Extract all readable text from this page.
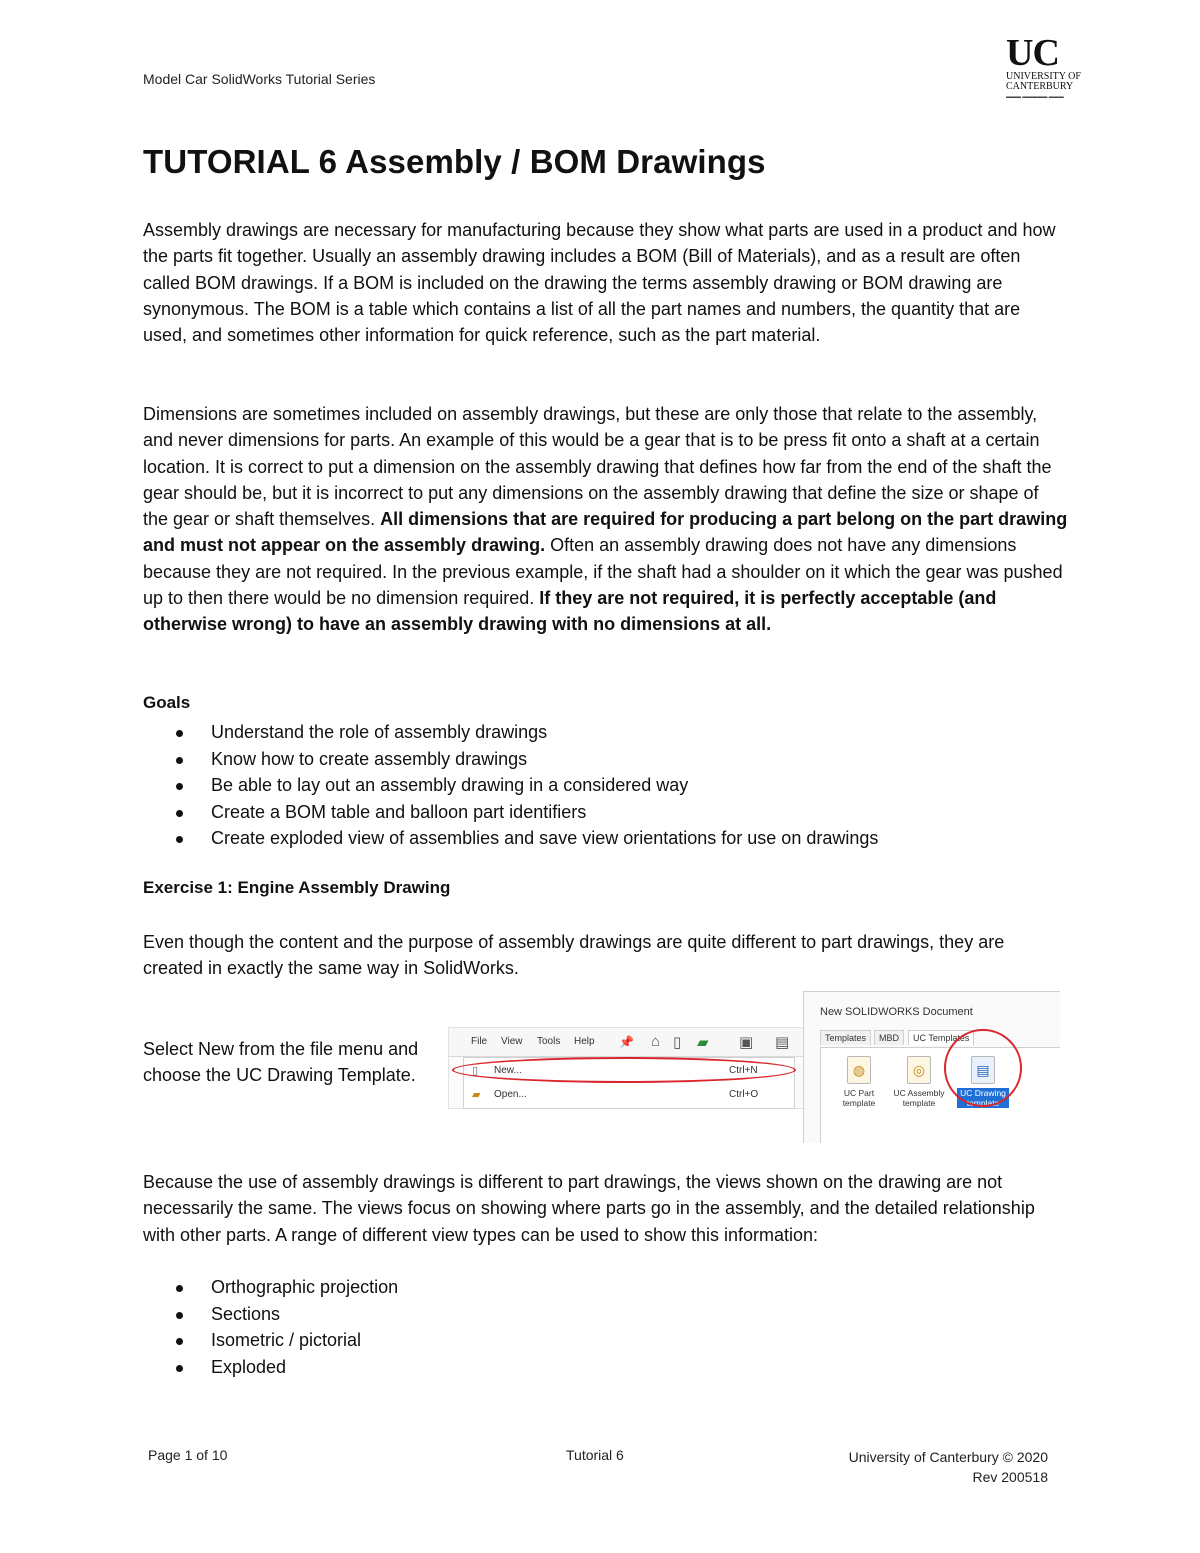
Model Car SolidWorks Tutorial Series
UC
UNIVERSITY OF
CANTERBURY
▬▬▬ ▬▬▬▬▬ ▬▬▬
TUTORIAL 6 Assembly / BOM Drawings

Assembly drawings are necessary for manufacturing because they show what parts are used in a product and how the parts fit together. Usually an assembly drawing includes a BOM (Bill of Materials), and as a result are often called BOM drawings. If a BOM is included on the drawing the terms assembly drawing or BOM drawing are synonymous. The BOM is a table which contains a list of all the part names and numbers, the quantity that are used, and sometimes other information for quick reference, such as the part material.

Dimensions are sometimes included on assembly drawings, but these are only those that relate to the assembly, and never dimensions for parts. An example of this would be a gear that is to be press fit onto a shaft at a certain location. It is correct to put a dimension on the assembly drawing that defines how far from the end of the shaft the gear should be, but it is incorrect to put any dimensions on the assembly drawing that define the size or shape of the gear or shaft themselves. All dimensions that are required for producing a part belong on the part drawing and must not appear on the assembly drawing. Often an assembly drawing does not have any dimensions because they are not required. In the previous example, if the shaft had a shoulder on it which the gear was pushed up to then there would be no dimension required. If they are not required, it is perfectly acceptable (and otherwise wrong) to have an assembly drawing with no dimensions at all.

Goals
Understand the role of assembly drawings
Know how to create assembly drawings
Be able to lay out an assembly drawing in a considered way
Create a BOM table and balloon part identifiers
Create exploded view of assemblies and save view orientations for use on drawings
Exercise 1: Engine Assembly Drawing

Even though the content and the purpose of assembly drawings are quite different to part drawings, they are created in exactly the same way in SolidWorks.

Select New from the file menu and choose the UC Drawing Template.

File View Tools Help 📌 ⌂ ▯ ▰ ▣ ▤
▯ New...	Ctrl+N
▰ Open...	Ctrl+O
New SOLIDWORKS Document
Templates	MBD	UC Templates
◍
UC Part template
◎
UC Assembly template
▤
UC Drawing template

Because the use of assembly drawings is different to part drawings, the views shown on the drawing are not necessarily the same. The views focus on showing where parts go in the assembly, and the detailed relationship with other parts. A range of different view types can be used to show this information:

Orthographic projection
Sections
Isometric / pictorial
Exploded
Page 1 of 10	Tutorial 6	University of Canterbury © 2020
Rev 200518
